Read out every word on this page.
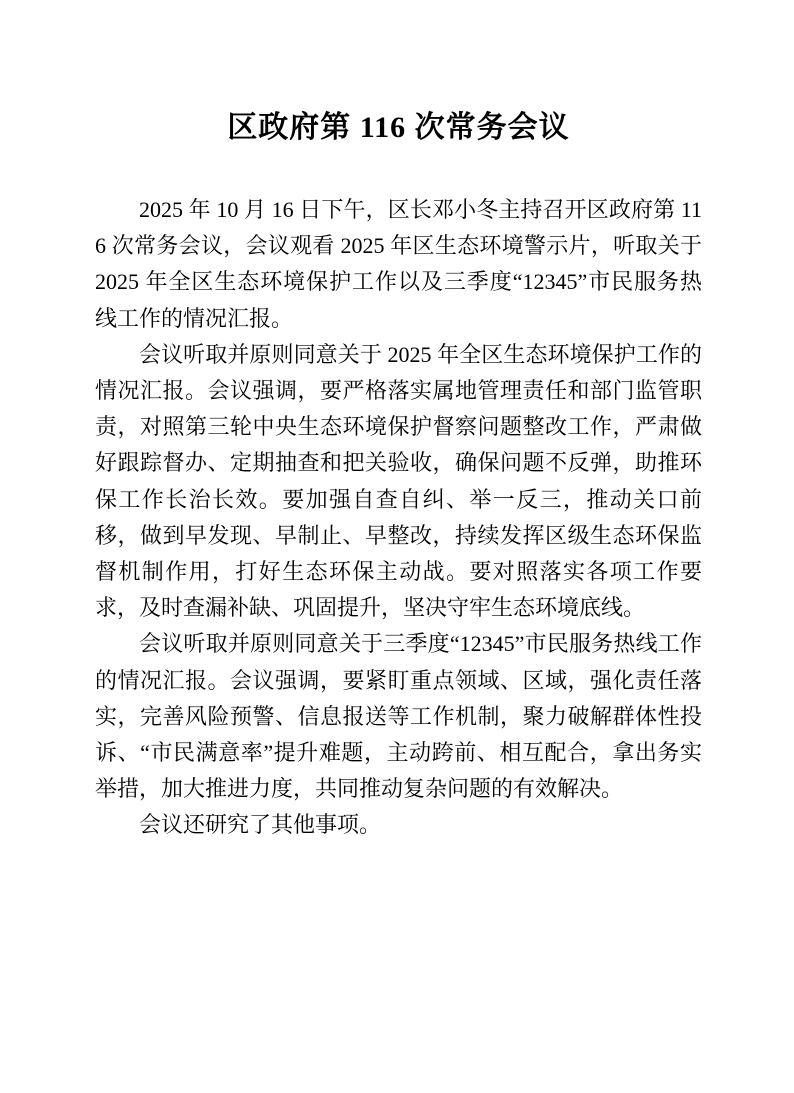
区政府第 116 次常务会议

2025 年 10 月 16 日下午，区长邓小冬主持召开区政府第 116 次常务会议，会议观看 2025 年区生态环境警示片，听取关于 2025 年全区生态环境保护工作以及三季度“12345”市民服务热线工作的情况汇报。

会议听取并原则同意关于 2025 年全区生态环境保护工作的情况汇报。会议强调，要严格落实属地管理责任和部门监管职责，对照第三轮中央生态环境保护督察问题整改工作，严肃做好跟踪督办、定期抽查和把关验收，确保问题不反弹，助推环保工作长治长效。要加强自查自纠、举一反三，推动关口前移，做到早发现、早制止、早整改，持续发挥区级生态环保监督机制作用，打好生态环保主动战。要对照落实各项工作要求，及时查漏补缺、巩固提升，坚决守牢生态环境底线。

会议听取并原则同意关于三季度“12345”市民服务热线工作的情况汇报。会议强调，要紧盯重点领域、区域，强化责任落实，完善风险预警、信息报送等工作机制，聚力破解群体性投诉、“市民满意率”提升难题，主动跨前、相互配合，拿出务实举措，加大推进力度，共同推动复杂问题的有效解决。

会议还研究了其他事项。
